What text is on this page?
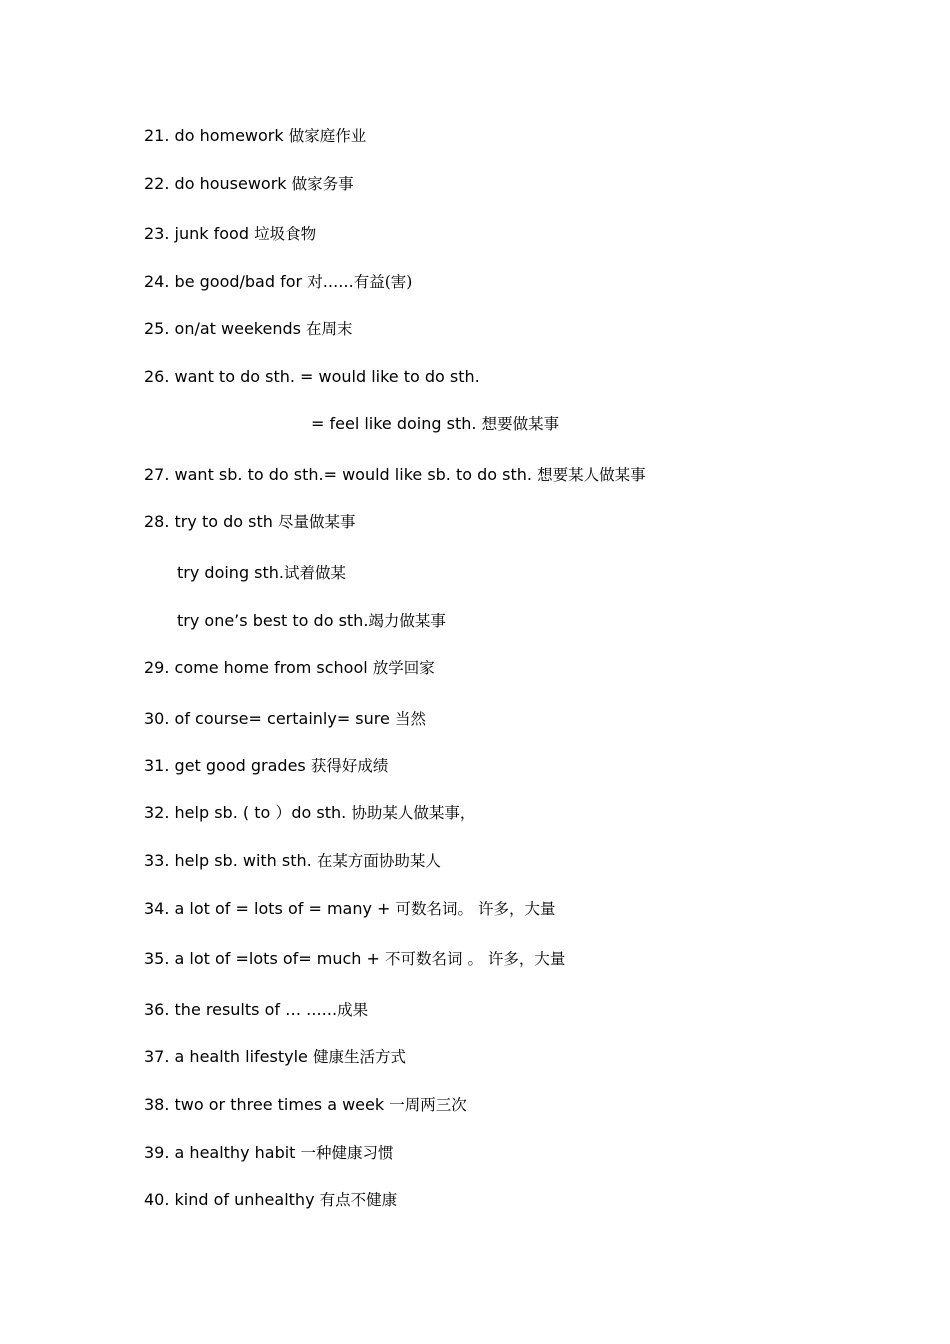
21. do homework 做家庭作业
22. do housework 做家务事
23. junk food 垃圾食物
24. be good/bad for 对……有益(害)
25. on/at weekends 在周末
26. want to do sth. = would like to do sth.
= feel like doing sth. 想要做某事
27. want sb. to do sth.= would like sb. to do sth. 想要某人做某事
28. try to do sth 尽量做某事
try doing sth.试着做某
try one’s best to do sth.竭力做某事
29. come home from school 放学回家
30. of course= certainly= sure 当然
31. get good grades 获得好成绩
32. help sb. ( to ）do sth. 协助某人做某事，
33. help sb. with sth. 在某方面协助某人
34. a lot of = lots of = many + 可数名词。 许多，大量
35. a lot of =lots of= much + 不可数名词 。 许多，大量
36. the results of … ……成果
37. a health lifestyle 健康生活方式
38. two or three times a week 一周两三次
39. a healthy habit 一种健康习惯
40. kind of unhealthy 有点不健康
